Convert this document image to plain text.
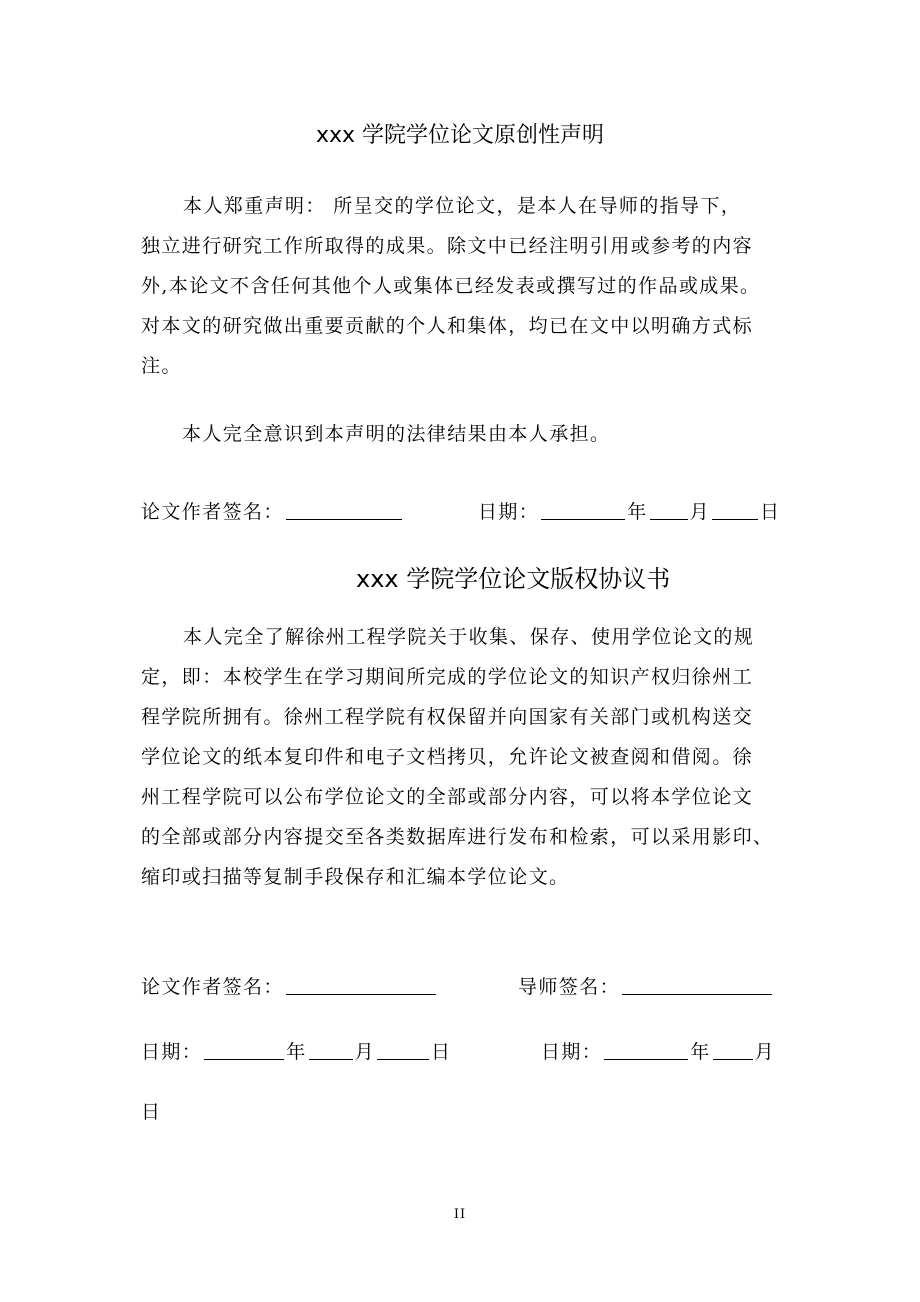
xxx 学院学位论文原创性声明
本人郑重声明： 所呈交的学位论文，是本人在导师的指导下，
独立进行研究工作所取得的成果。除文中已经注明引用或参考的内容
外,本论文不含任何其他个人或集体已经发表或撰写过的作品或成果。
对本文的研究做出重要贡献的个人和集体，均已在文中以明确方式标
注。
本人完全意识到本声明的法律结果由本人承担。
论文作者签名：	日期：	年 月	日
xxx 学院学位论文版权协议书
本人完全了解徐州工程学院关于收集、保存、使用学位论文的规
定，即：本校学生在学习期间所完成的学位论文的知识产权归徐州工
程学院所拥有。徐州工程学院有权保留并向国家有关部门或机构送交
学位论文的纸本复印件和电子文档拷贝，允许论文被查阅和借阅。徐
州工程学院可以公布学位论文的全部或部分内容，可以将本学位论文
的全部或部分内容提交至各类数据库进行发布和检索，可以采用影印、
缩印或扫描等复制手段保存和汇编本学位论文。
论文作者签名：	导师签名：
日期：	年	月	日	日期：	年 月
日
II
